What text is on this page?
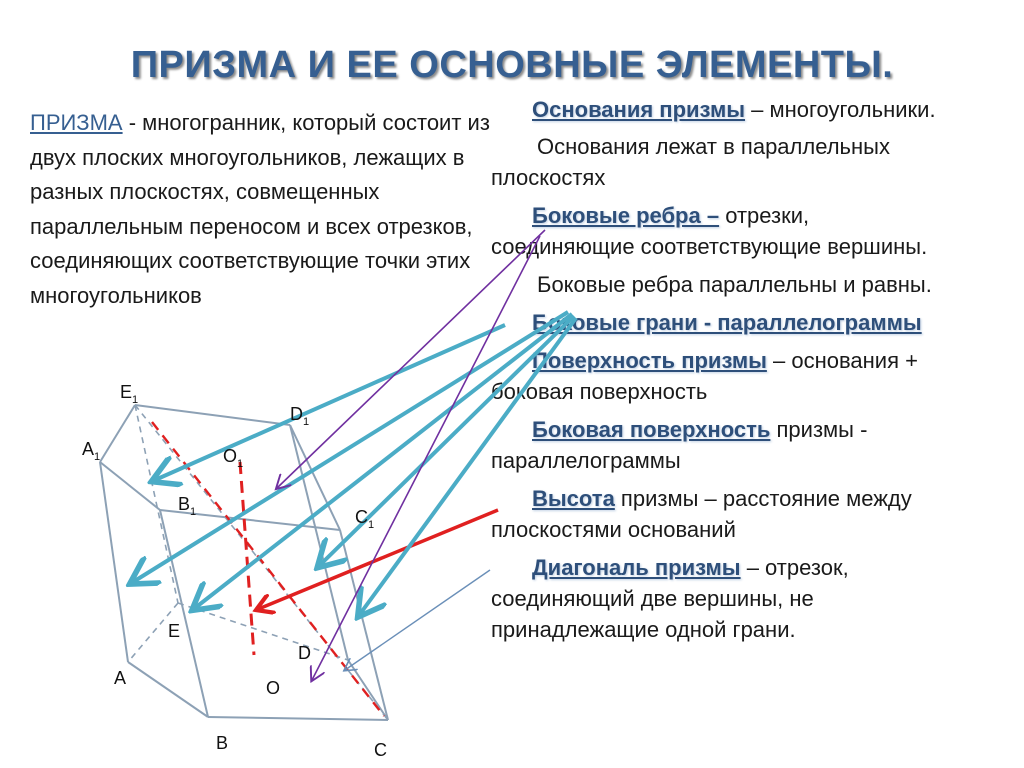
ПРИЗМА И ЕЕ ОСНОВНЫЕ ЭЛЕМЕНТЫ.
ПРИЗМА - многогранник, который состоит из двух плоских многоугольников, лежащих в разных плоскостях, совмещенных параллельным переносом и всех отрезков, соединяющих соответствующие точки этих многоугольников
Основания призмы – многоугольники.
Основания лежат в параллельных
плоскостях
Боковые ребра – отрезки,
соединяющие соответствующие вершины.
Боковые ребра параллельны и равны.
Боковые грани - параллелограммы
Поверхность призмы – основания +
боковая поверхность
Боковая поверхность призмы -
параллелограммы
Высота призмы – расстояние между
плоскостями оснований
Диагональ призмы – отрезок,
соединяющий две вершины, не
принадлежащие одной грани.
$E_1$
$D_1$
$A_1$	$O_1$
$B_1$	$C_1$
E
D
A	O
B	C
